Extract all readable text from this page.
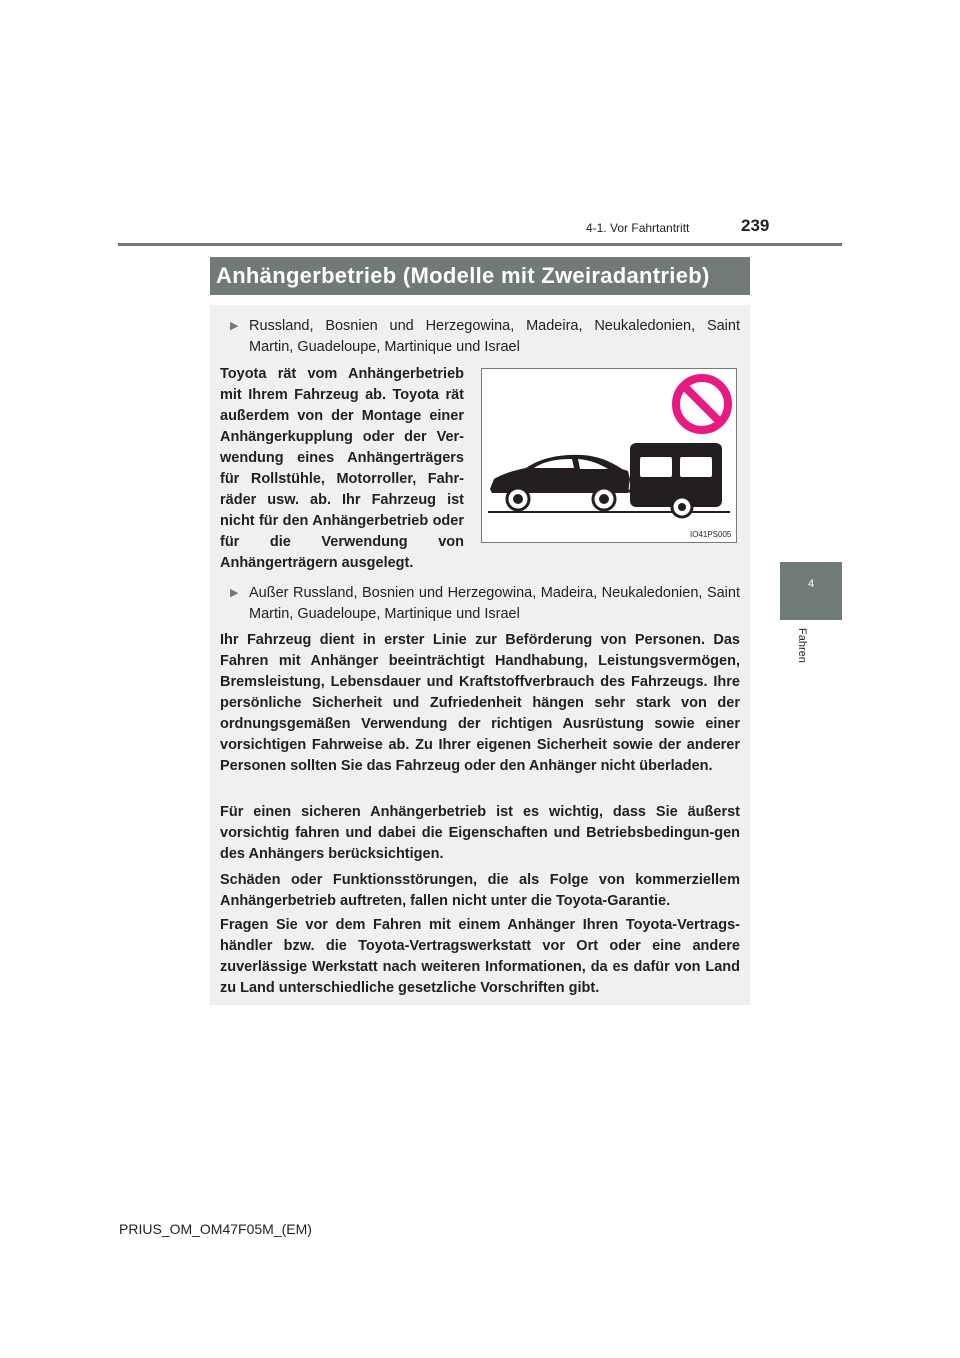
239
4-1. Vor Fahrtantritt
4
Fahren
Anhängerbetrieb (Modelle mit Zweiradantrieb)
▶ Russland, Bosnien und Herzegowina, Madeira, Neukaledonien, Saint Martin, Guadeloupe, Martinique und Israel
Toyota rät vom Anhängerbetrieb mit Ihrem Fahrzeug ab. Toyota rät außerdem von der Montage einer Anhängerkupplung oder der Ver-wendung eines Anhängerträgers für Rollstühle, Motorroller, Fahr-räder usw. ab. Ihr Fahrzeug ist nicht für den Anhängerbetrieb oder für die Verwendung von Anhängerträgern ausgelegt.
IO41PS005
▶ Außer Russland, Bosnien und Herzegowina, Madeira, Neukaledonien, Saint Martin, Guadeloupe, Martinique und Israel
Ihr Fahrzeug dient in erster Linie zur Beförderung von Personen. Das Fahren mit Anhänger beeinträchtigt Handhabung, Leistungsvermögen, Bremsleistung, Lebensdauer und Kraftstoffverbrauch des Fahrzeugs. Ihre persönliche Sicherheit und Zufriedenheit hängen sehr stark von der ordnungsgemäßen Verwendung der richtigen Ausrüstung sowie einer vorsichtigen Fahrweise ab. Zu Ihrer eigenen Sicherheit sowie der anderer Personen sollten Sie das Fahrzeug oder den Anhänger nicht überladen.
Für einen sicheren Anhängerbetrieb ist es wichtig, dass Sie äußerst vorsichtig fahren und dabei die Eigenschaften und Betriebsbedingun-gen des Anhängers berücksichtigen.
Schäden oder Funktionsstörungen, die als Folge von kommerziellem Anhängerbetrieb auftreten, fallen nicht unter die Toyota-Garantie.
Fragen Sie vor dem Fahren mit einem Anhänger Ihren Toyota-Vertrags-händler bzw. die Toyota-Vertragswerkstatt vor Ort oder eine andere zuverlässige Werkstatt nach weiteren Informationen, da es dafür von Land zu Land unterschiedliche gesetzliche Vorschriften gibt.
PRIUS_OM_OM47F05M_(EM)
